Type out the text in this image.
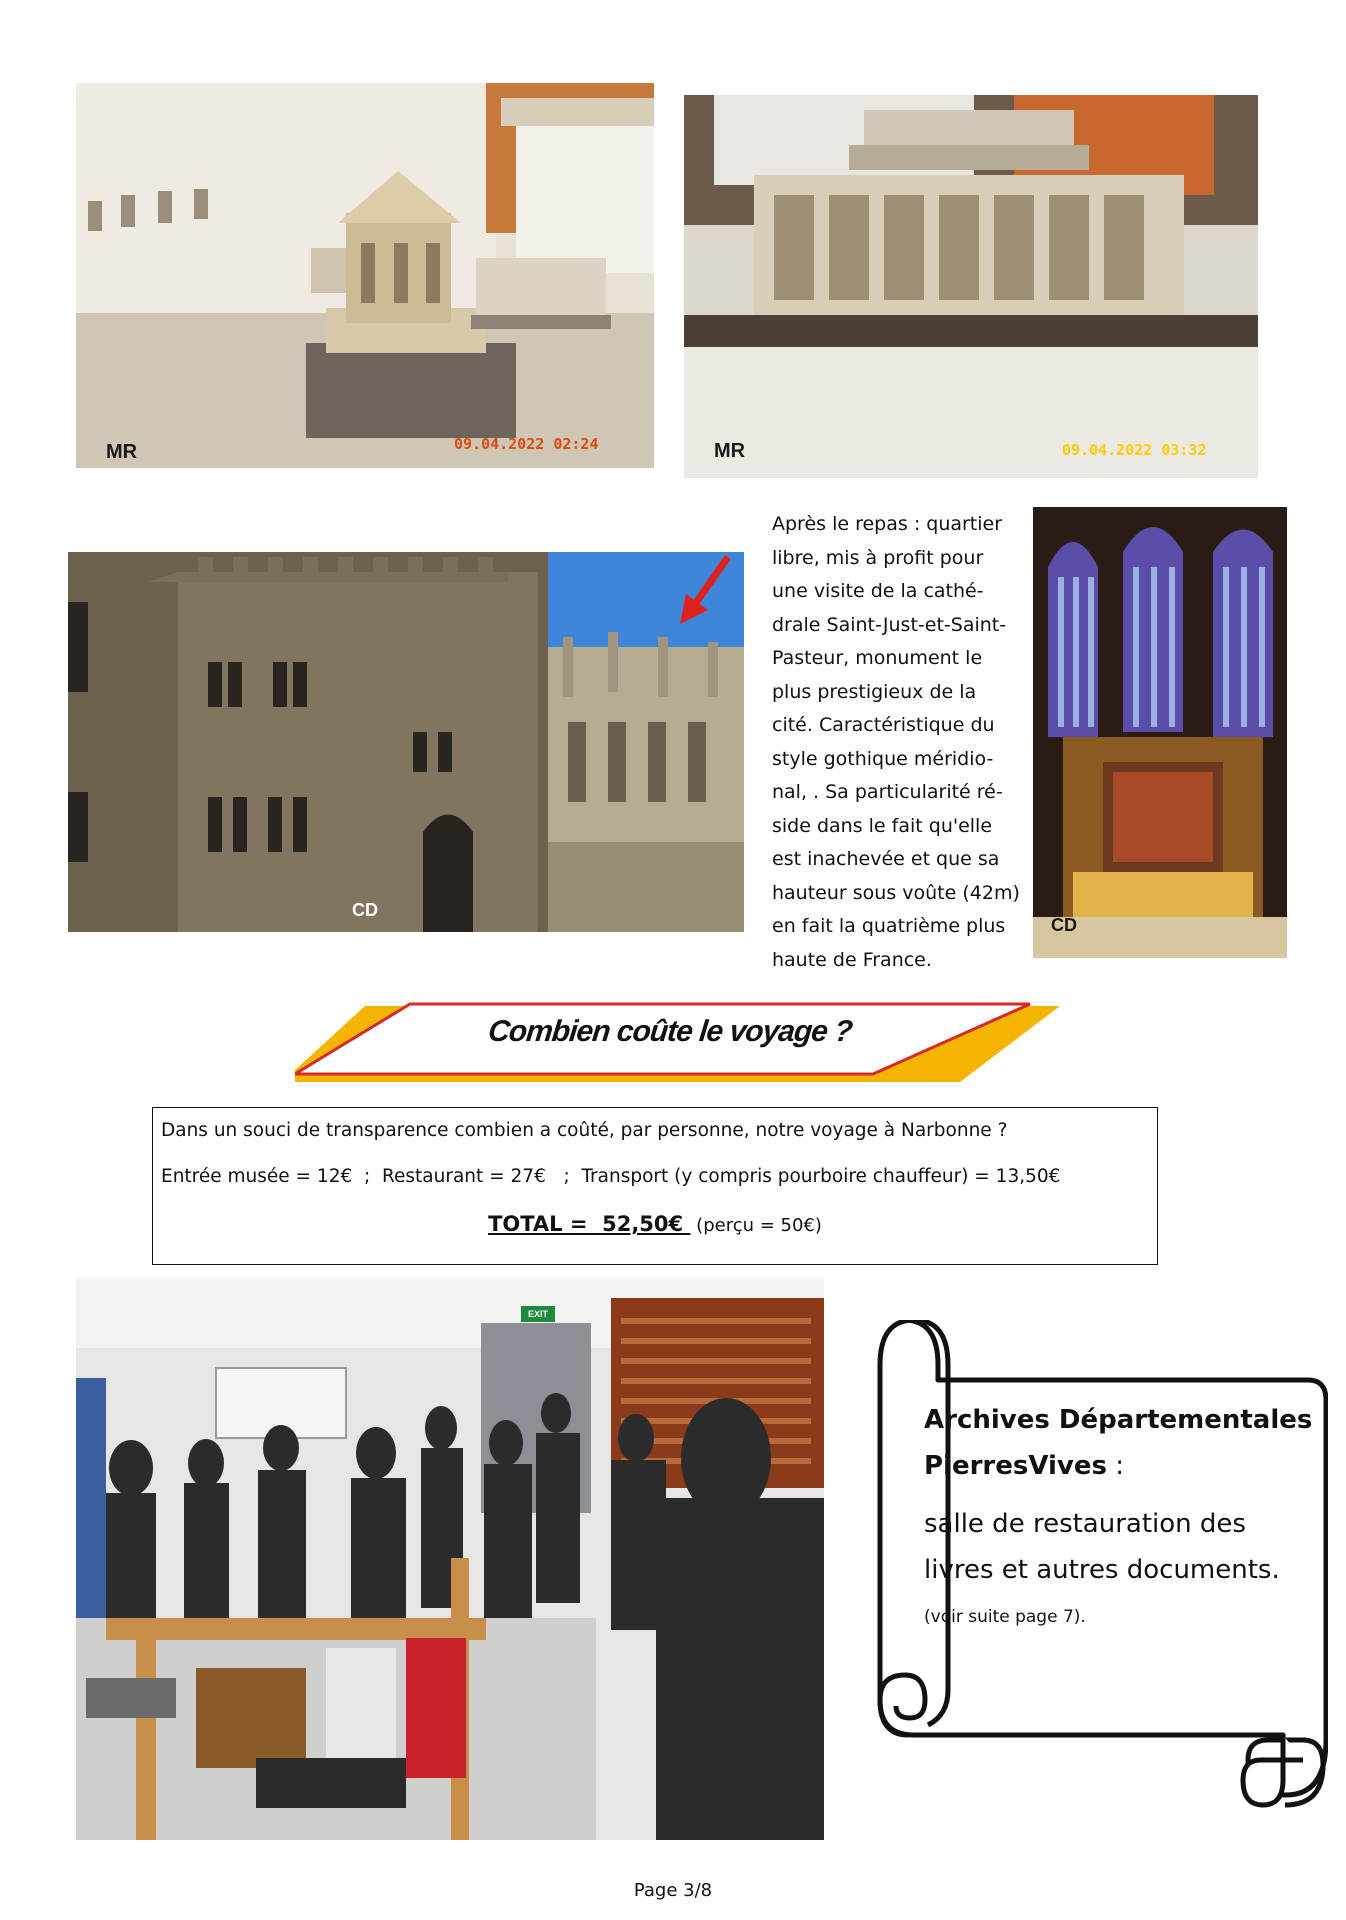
MR	09.04.2022 02:24	MR	09.04.2022 03:32
CD
Après le repas : quartier
libre, mis à profit pour
une visite de la cathé-
drale Saint-Just-et-Saint-
Pasteur, monument le
plus prestigieux de la
cité. Caractéristique du
style gothique méridio-
nal, . Sa particularité ré-
side dans le fait qu'elle
est inachevée et que sa
hauteur sous voûte (42m)
en fait la quatrième plus
haute de France.
CD
Combien coûte le voyage ?
Dans un souci de transparence combien a coûté, par personne, notre voyage à Narbonne ?
Entrée musée = 12€  ;  Restaurant = 27€   ;  Transport (y compris pourboire chauffeur) = 13,50€
TOTAL =  52,50€  (perçu = 50€)
EXIT
Archives Départementales
PierresVives :
salle de restauration des livres et autres documents.
(voir suite page 7).
Page 3/8
